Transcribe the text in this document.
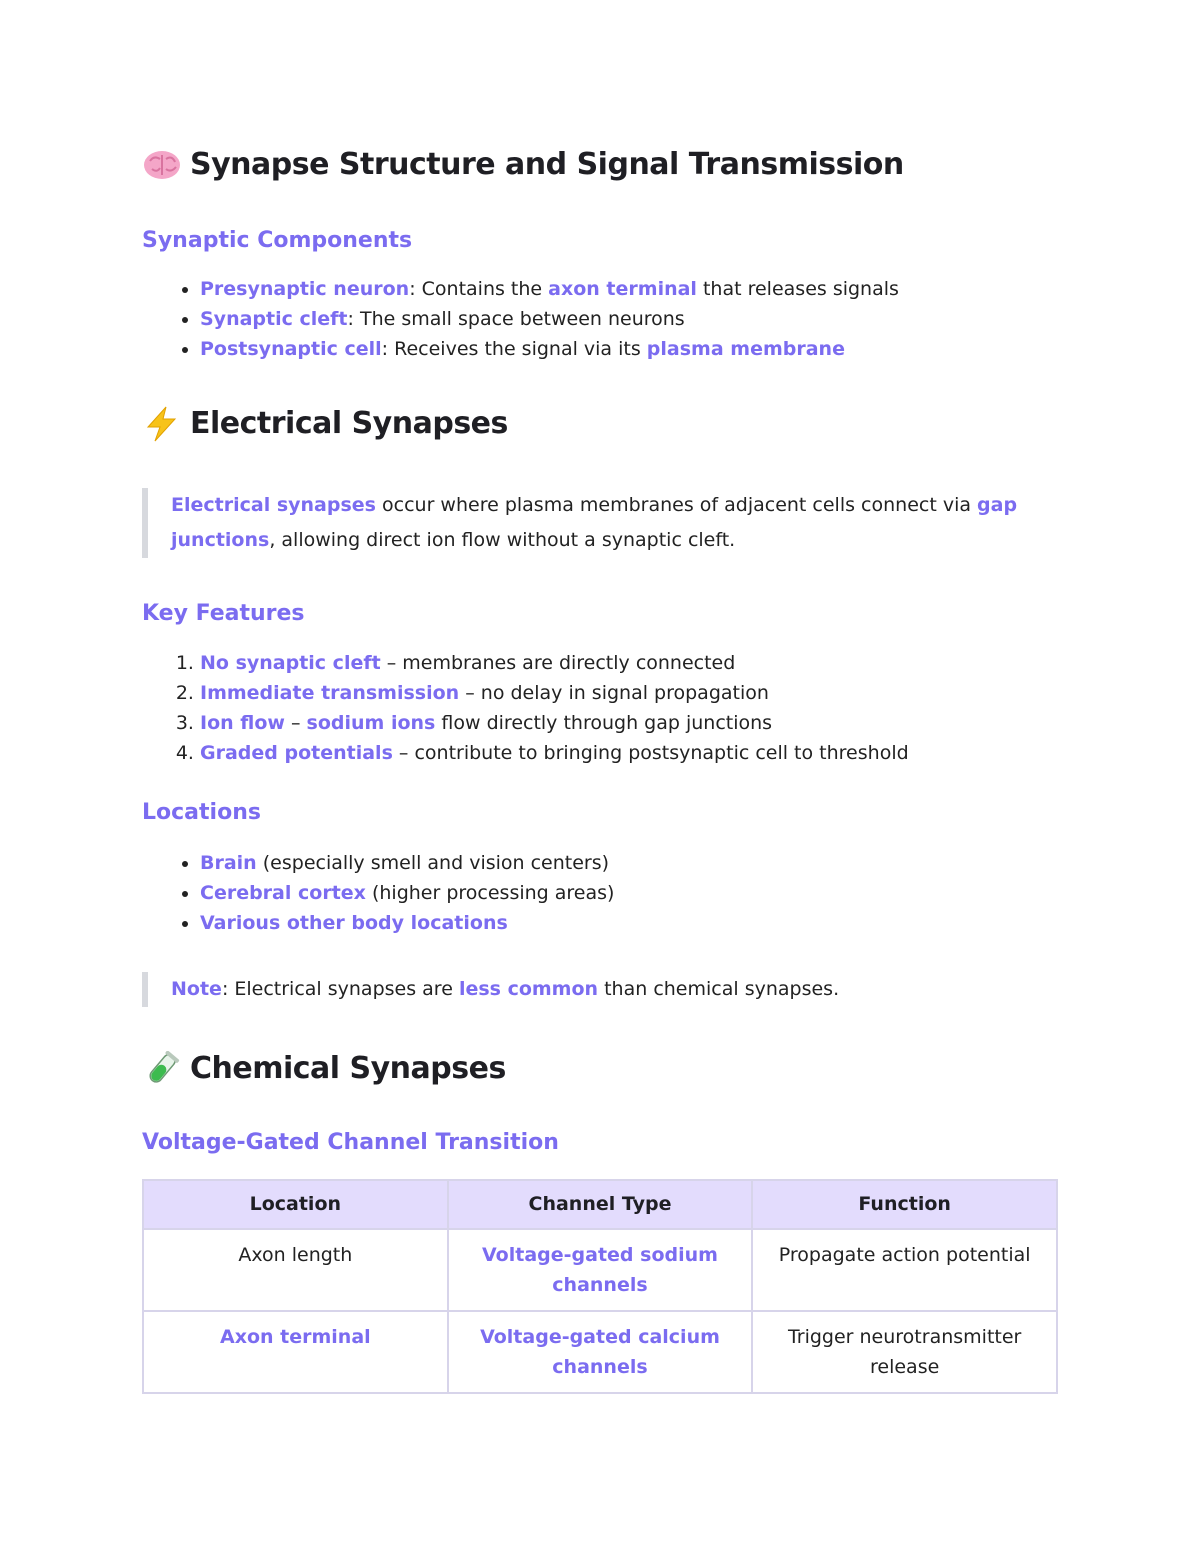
Synapse Structure and Signal Transmission
Synaptic Components
• Presynaptic neuron: Contains the axon terminal that releases signals
• Synaptic cleft: The small space between neurons
• Postsynaptic cell: Receives the signal via its plasma membrane
Electrical Synapses
Electrical synapses occur where plasma membranes of adjacent cells connect via gap junctions, allowing direct ion flow without a synaptic cleft.
Key Features
1. No synaptic cleft – membranes are directly connected
2. Immediate transmission – no delay in signal propagation
3. Ion flow – sodium ions flow directly through gap junctions
4. Graded potentials – contribute to bringing postsynaptic cell to threshold
Locations
• Brain (especially smell and vision centers)
• Cerebral cortex (higher processing areas)
• Various other body locations
Note: Electrical synapses are less common than chemical synapses.
Chemical Synapses
Voltage-Gated Channel Transition
Location	Channel Type	Function
Axon length	Voltage-gated sodium channels	Propagate action potential
Axon terminal	Voltage-gated calcium channels	Trigger neurotransmitter release
